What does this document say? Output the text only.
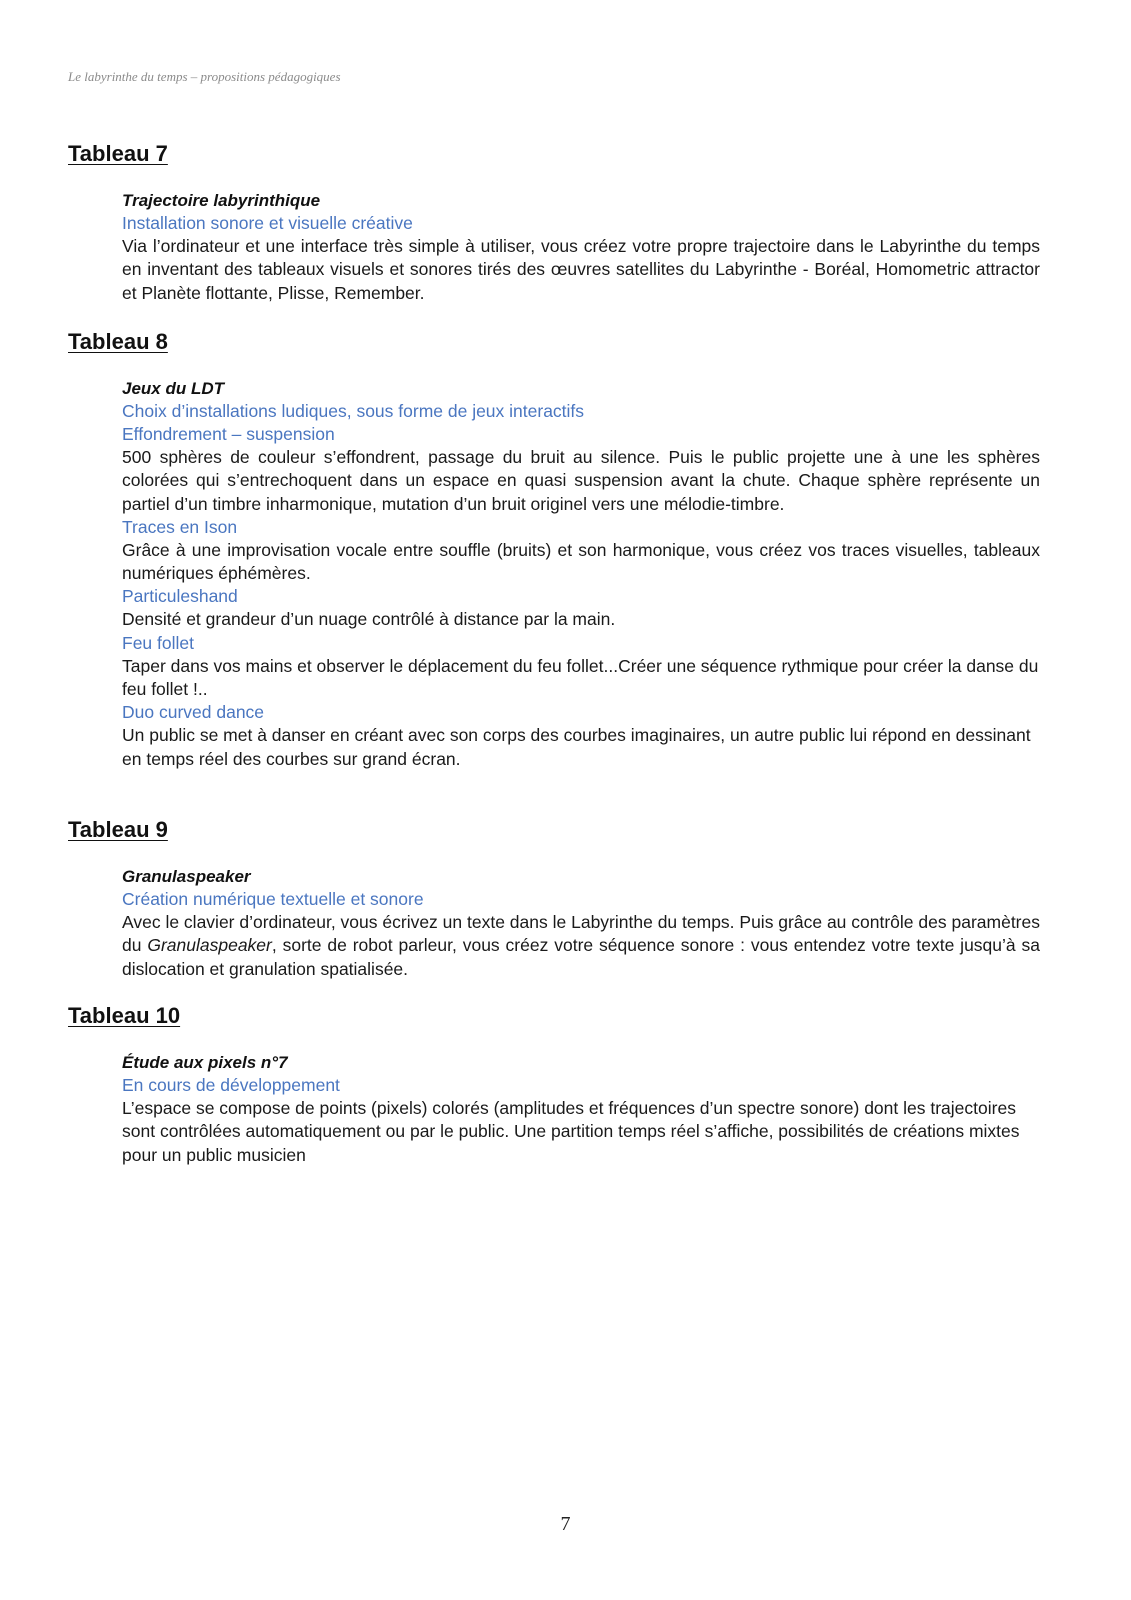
Le labyrinthe du temps – propositions pédagogiques
Tableau 7
Trajectoire labyrinthique
Installation sonore et visuelle créative

Via l’ordinateur et une interface très simple à utiliser, vous créez votre propre trajectoire dans le Labyrinthe du temps en inventant des tableaux visuels et sonores tirés des œuvres satellites du Labyrinthe - Boréal, Homometric attractor et Planète flottante, Plisse, Remember.

Tableau 8
Jeux du LDT
Choix d’installations ludiques, sous forme de jeux interactifs
Effondrement – suspension

500 sphères de couleur s’effondrent, passage du bruit au silence. Puis le public projette une à une les sphères colorées qui s’entrechoquent dans un espace en quasi suspension avant la chute. Chaque sphère représente un partiel d’un timbre inharmonique, mutation d’un bruit originel vers une mélodie-timbre.

Traces en Ison

Grâce à une improvisation vocale entre souffle (bruits) et son harmonique, vous créez vos traces visuelles, tableaux numériques éphémères.

Particuleshand

Densité et grandeur d’un nuage contrôlé à distance par la main.

Feu follet

Taper dans vos mains et observer le déplacement du feu follet...Créer une séquence rythmique pour créer la danse du feu follet !..

Duo curved dance

Un public se met à danser en créant avec son corps des courbes imaginaires, un autre public lui répond en dessinant en temps réel des courbes sur grand écran.

Tableau 9
Granulaspeaker
Création numérique textuelle et sonore

Avec le clavier d’ordinateur, vous écrivez un texte dans le Labyrinthe du temps. Puis grâce au contrôle des paramètres du Granulaspeaker, sorte de robot parleur, vous créez votre séquence sonore : vous entendez votre texte jusqu’à sa dislocation et granulation spatialisée.

Tableau 10
Étude aux pixels n°7
En cours de développement

L’espace se compose de points (pixels) colorés (amplitudes et fréquences d’un spectre sonore) dont les trajectoires sont contrôlées automatiquement ou par le public. Une partition temps réel s’affiche, possibilités de créations mixtes pour un public musicien

7
